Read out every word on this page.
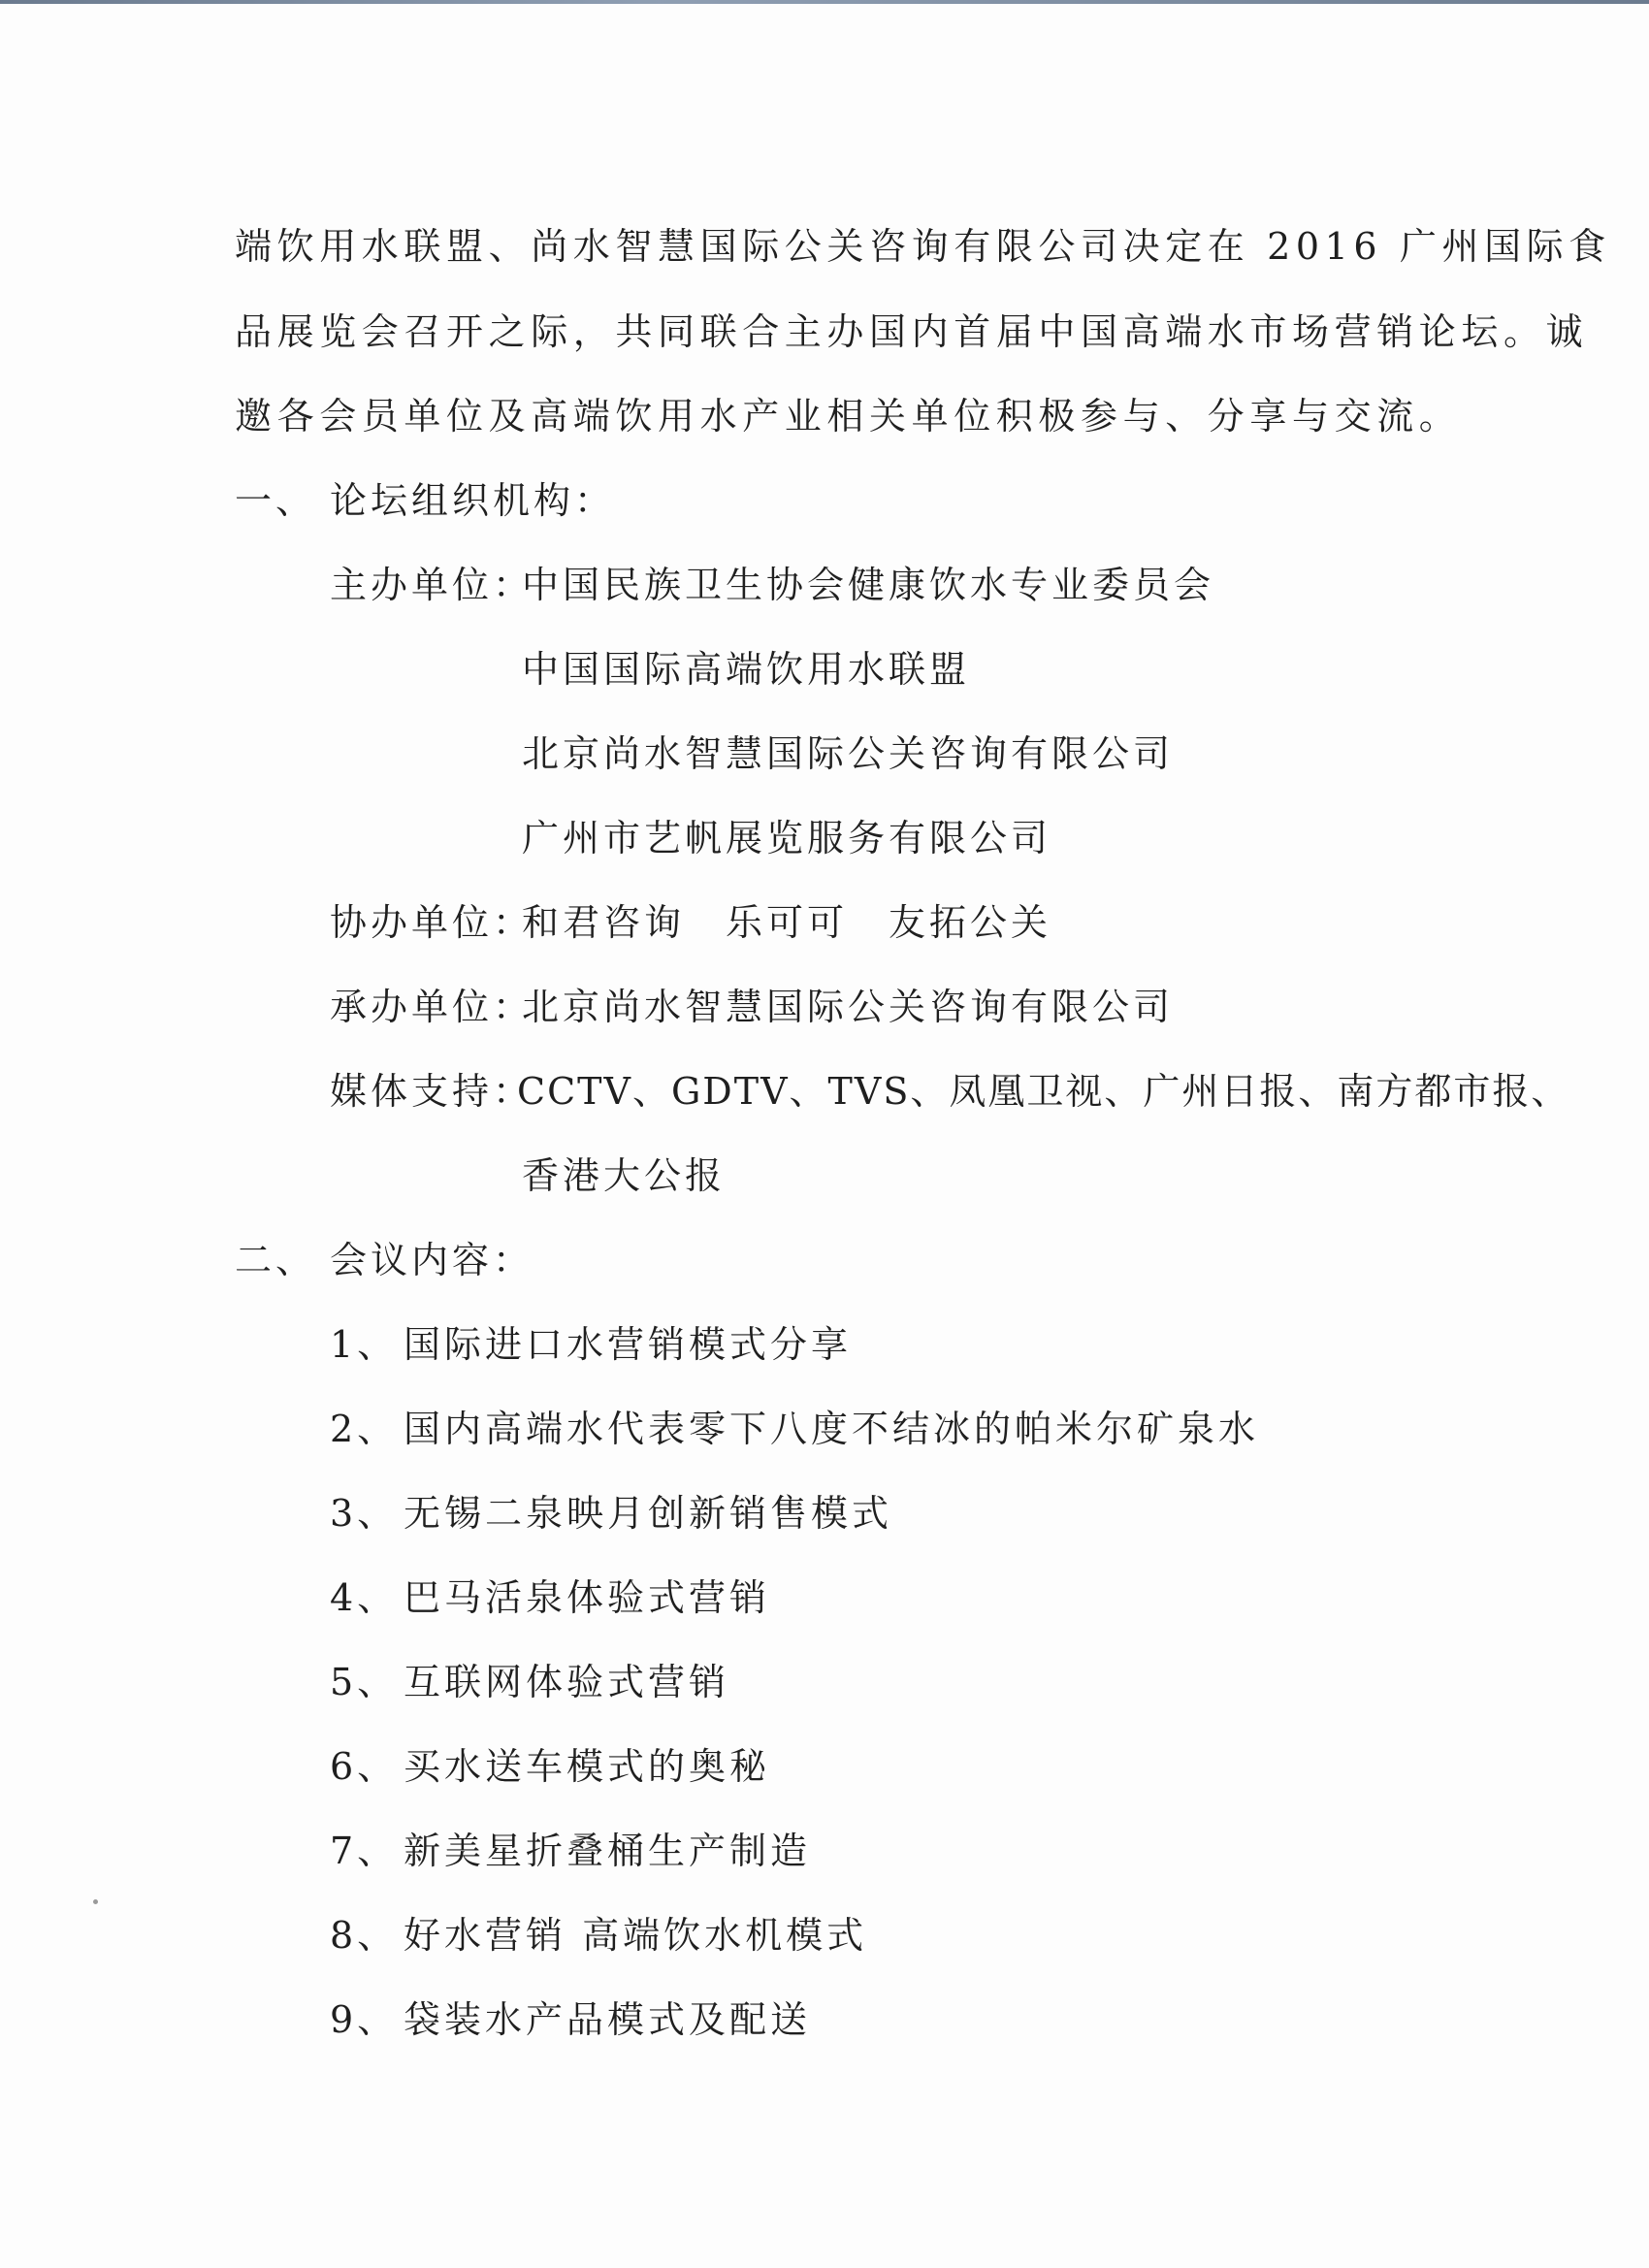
端饮用水联盟、尚水智慧国际公关咨询有限公司决定在 2016 广州国际食
品展览会召开之际，共同联合主办国内首届中国高端水市场营销论坛。诚
邀各会员单位及高端饮用水产业相关单位积极参与、分享与交流。
一、 论坛组织机构：
主办单位：
中国民族卫生协会健康饮水专业委员会
中国国际高端饮用水联盟
北京尚水智慧国际公关咨询有限公司
广州市艺帆展览服务有限公司
协办单位：
和君咨询　乐可可　友拓公关
承办单位：
北京尚水智慧国际公关咨询有限公司
媒体支持：
CCTV、GDTV、TVS、凤凰卫视、广州日报、南方都市报、
香港大公报
二、 会议内容：
1、 国际进口水营销模式分享
2、 国内高端水代表零下八度不结冰的帕米尔矿泉水
3、 无锡二泉映月创新销售模式
4、 巴马活泉体验式营销
5、 互联网体验式营销
6、 买水送车模式的奥秘
7、 新美星折叠桶生产制造
8、 好水营销 高端饮水机模式
9、 袋装水产品模式及配送
